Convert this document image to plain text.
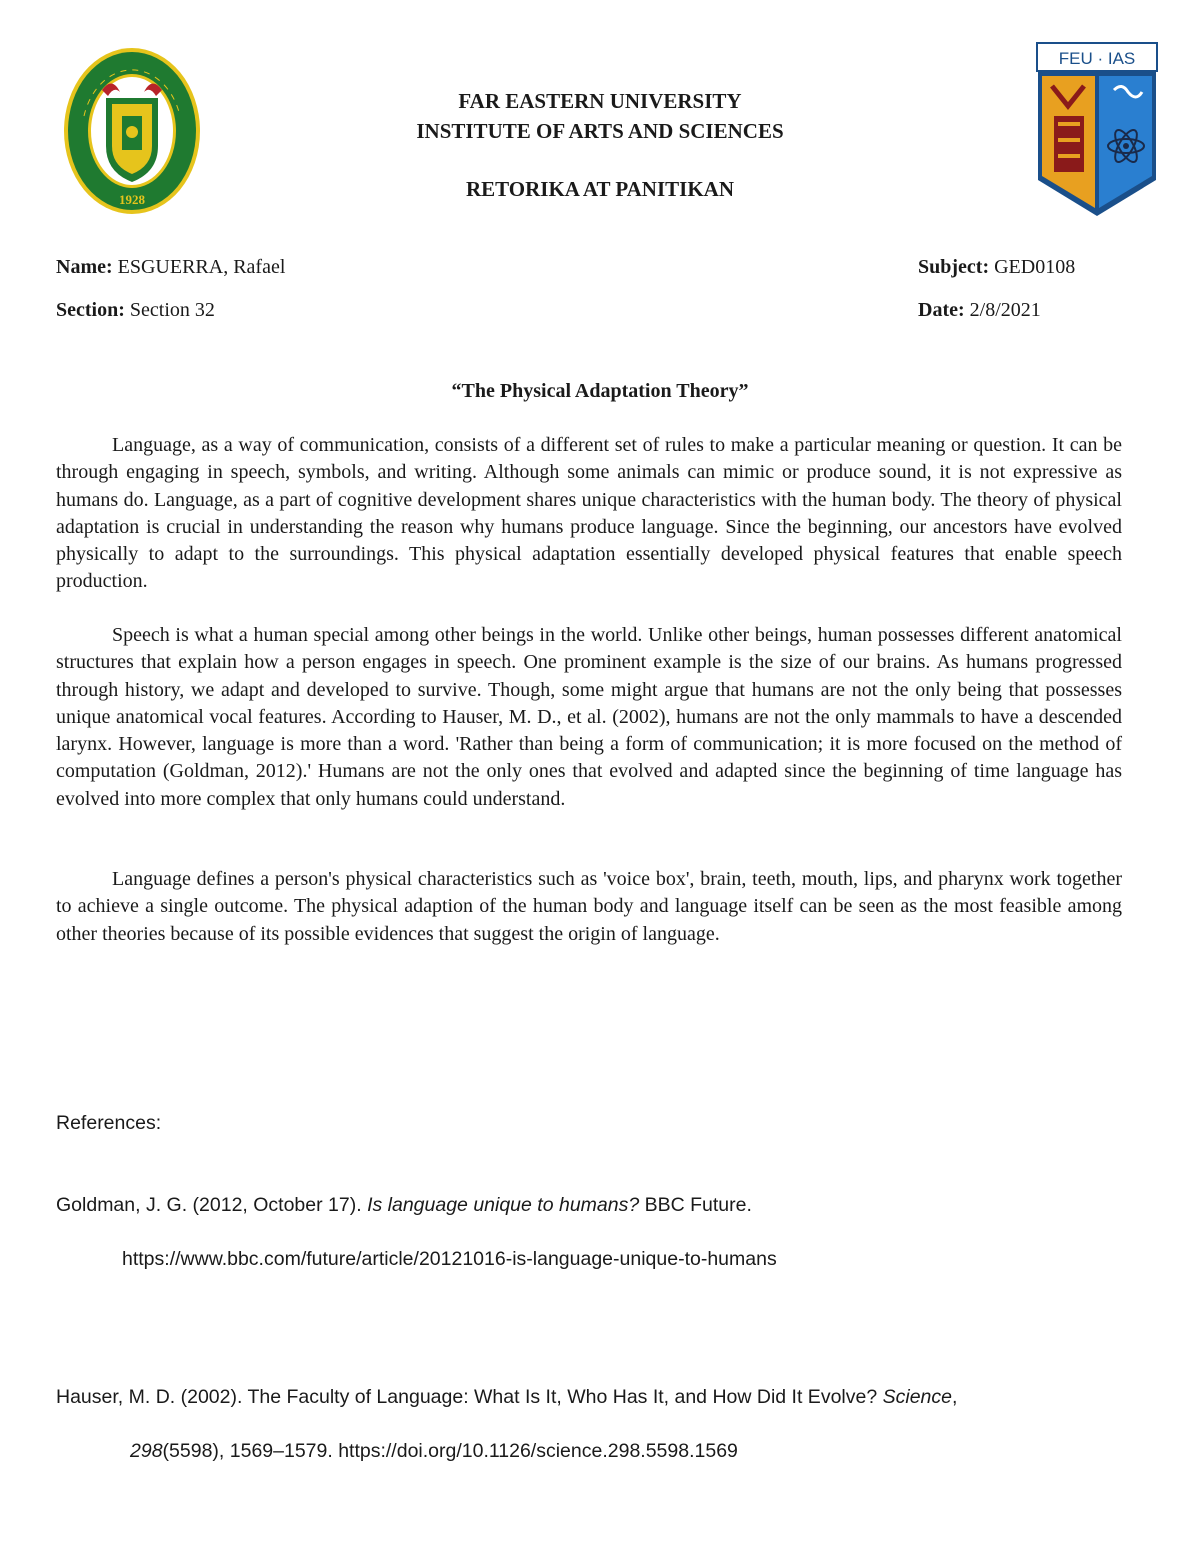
1928
FEU · IAS
FAR EASTERN UNIVERSITY
INSTITUTE OF ARTS AND SCIENCES
RETORIKA AT PANITIKAN
Name: ESGUERRA, Rafael	Subject: GED0108
Section: Section 32	Date: 2/8/2021
“The Physical Adaptation Theory”
Language, as a way of communication, consists of a different set of rules to make a particular meaning or question. It can be through engaging in speech, symbols, and writing. Although some animals can mimic or produce sound, it is not expressive as humans do. Language, as a part of cognitive development shares unique characteristics with the human body. The theory of physical adaptation is crucial in understanding the reason why humans produce language. Since the beginning, our ancestors have evolved physically to adapt to the surroundings. This physical adaptation essentially developed physical features that enable speech production.
Speech is what a human special among other beings in the world. Unlike other beings, human possesses different anatomical structures that explain how a person engages in speech. One prominent example is the size of our brains. As humans progressed through history, we adapt and developed to survive. Though, some might argue that humans are not the only being that possesses unique anatomical vocal features. According to Hauser, M. D., et al. (2002), humans are not the only mammals to have a descended larynx. However, language is more than a word. 'Rather than being a form of communication; it is more focused on the method of computation (Goldman, 2012).' Humans are not the only ones that evolved and adapted since the beginning of time language has evolved into more complex that only humans could understand.
Language defines a person's physical characteristics such as 'voice box', brain, teeth, mouth, lips, and pharynx work together to achieve a single outcome. The physical adaption of the human body and language itself can be seen as the most feasible among other theories because of its possible evidences that suggest the origin of language.
References:
Goldman, J. G. (2012, October 17). Is language unique to humans? BBC Future.
https://www.bbc.com/future/article/20121016-is-language-unique-to-humans
Hauser, M. D. (2002). The Faculty of Language: What Is It, Who Has It, and How Did It Evolve? Science,
298(5598), 1569–1579. https://doi.org/10.1126/science.298.5598.1569
